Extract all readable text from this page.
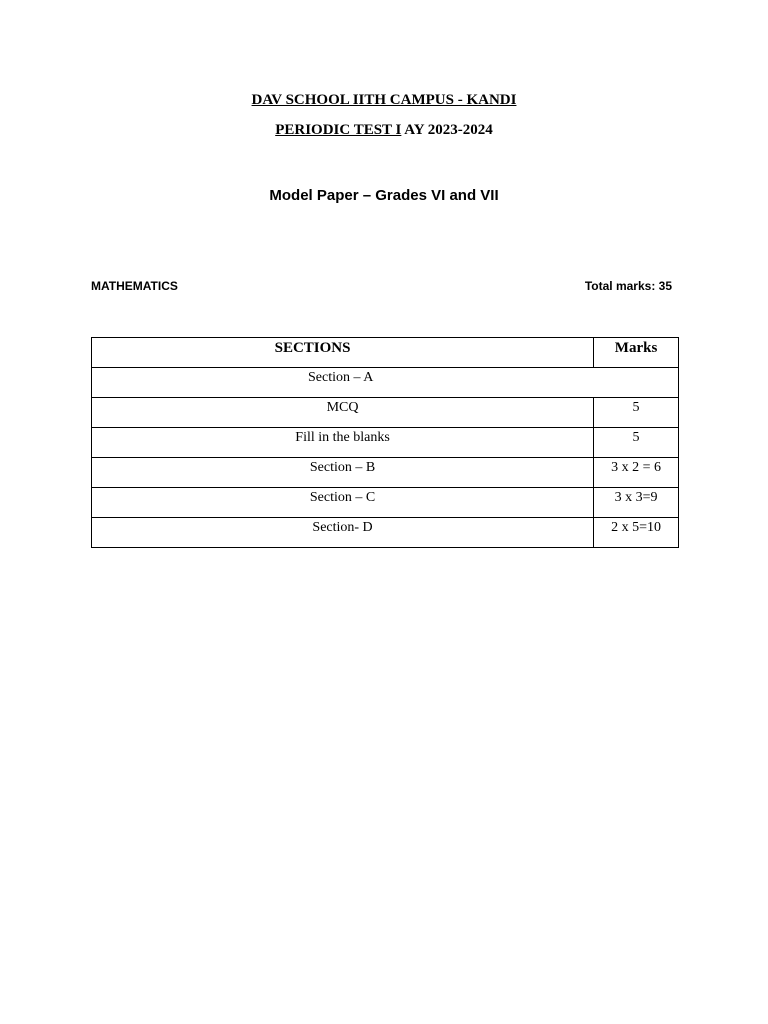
DAV SCHOOL IITH CAMPUS - KANDI
PERIODIC TEST I AY 2023-2024
Model Paper – Grades VI and VII
MATHEMATICS	Total marks: 35
SECTIONS	Marks
Section – A	
MCQ	5
Fill in the blanks	5
Section – B	3 x 2 = 6
Section – C	3 x 3=9
Section- D	2 x 5=10
